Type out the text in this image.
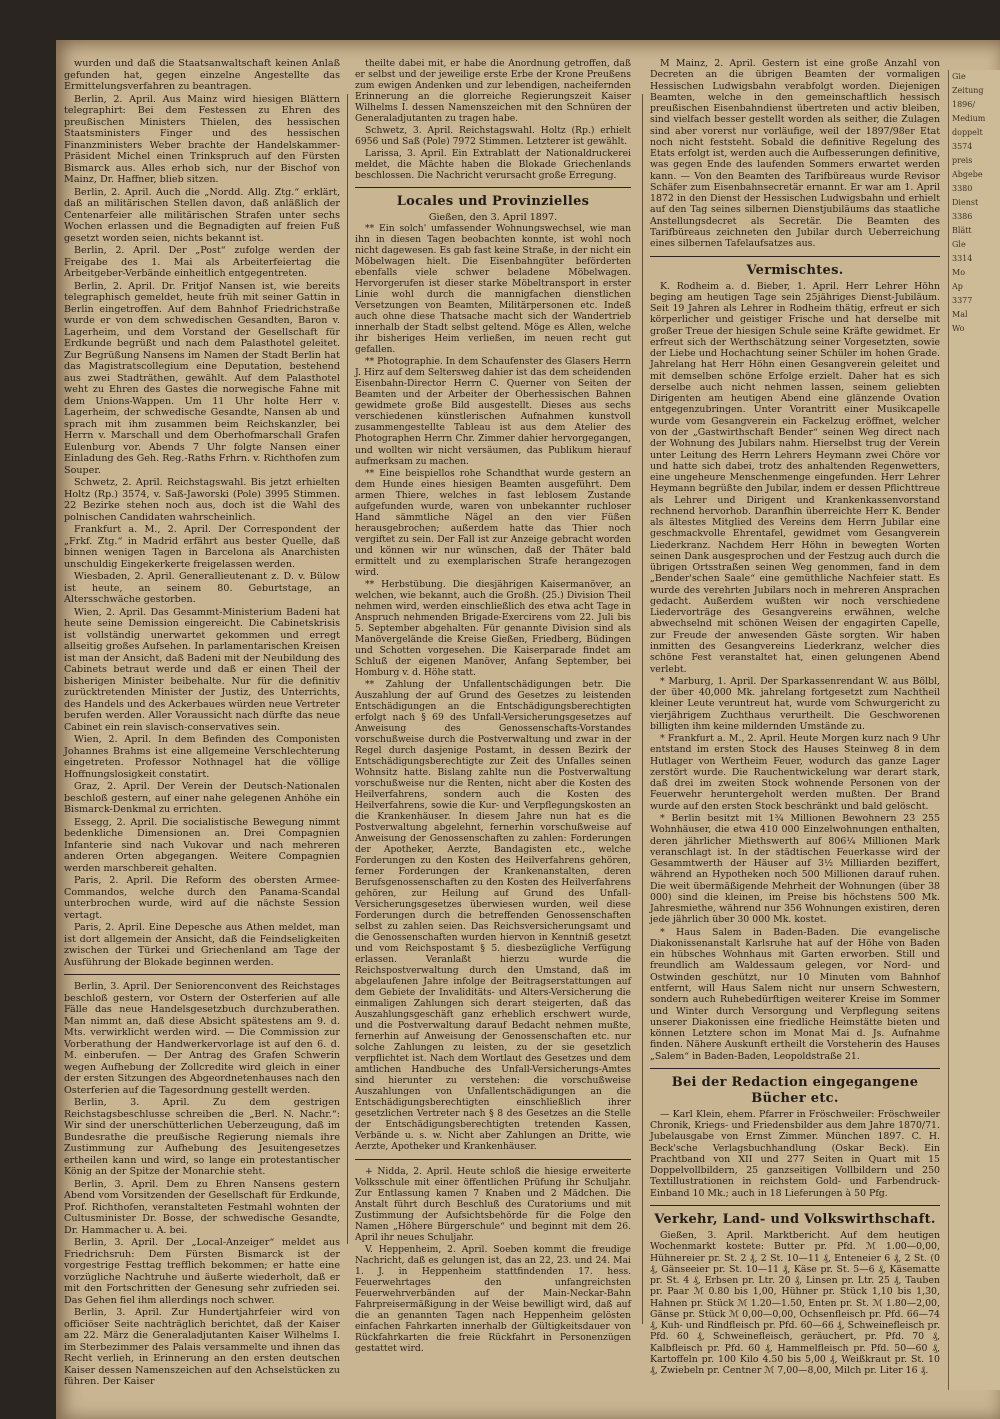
wurden und daß die Staatsanwaltschaft keinen Anlaß gefunden hat, gegen einzelne Angestellte das Ermittelungsverfahren zu beantragen.

Berlin, 2. April. Aus Mainz wird hiesigen Blättern telegraphirt: Bei dem Festessen zu Ehren des preußischen Ministers Thielen, des hessischen Staatsministers Finger und des hessischen Finanzministers Weber brachte der Handelskammer-Präsident Michel einen Trinkspruch auf den Fürsten Bismarck aus. Alles erhob sich, nur der Bischof von Mainz, Dr. Haffner, blieb sitzen.

Berlin, 2. April. Auch die „Nordd. Allg. Ztg.“ erklärt, daß an militärischen Stellen davon, daß anläßlich der Centenarfeier alle militärischen Strafen unter sechs Wochen erlassen und die Begnadigten auf freien Fuß gesetzt worden seien, nichts bekannt ist.

Berlin, 2. April. Der „Post“ zufolge werden der Freigabe des 1. Mai als Arbeiterfeiertag die Arbeitgeber-Verbände einheitlich entgegentreten.

Berlin, 2. April. Dr. Fritjof Nansen ist, wie bereits telegraphisch gemeldet, heute früh mit seiner Gattin in Berlin eingetroffen. Auf dem Bahnhof Friedrichstraße wurde er von dem schwedischen Gesandten, Baron v. Lagerheim, und dem Vorstand der Gesellschaft für Erdkunde begrüßt und nach dem Palasthotel geleitet. Zur Begrüßung Nansens im Namen der Stadt Berlin hat das Magistratscollegium eine Deputation, bestehend aus zwei Stadträthen, gewählt. Auf dem Palasthotel weht zu Ehren des Gastes die norwegische Fahne mit dem Unions-Wappen. Um 11 Uhr holte Herr v. Lagerheim, der schwedische Gesandte, Nansen ab und sprach mit ihm zusammen beim Reichskanzler, bei Herrn v. Marschall und dem Oberhofmarschall Grafen Eulenburg vor. Abends 7 Uhr folgte Nansen einer Einladung des Geh. Reg.-Raths Frhrn. v. Richthofen zum Souper.

Schwetz, 2. April. Reichstagswahl. Bis jetzt erhielten Holtz (Rp.) 3574, v. Saß-Jaworski (Pole) 3995 Stimmen. 22 Bezirke stehen noch aus, doch ist die Wahl des polnischen Candidaten wahrscheinlich.

Frankfurt a. M., 2. April. Der Correspondent der „Frkf. Ztg.“ in Madrid erfährt aus bester Quelle, daß binnen wenigen Tagen in Barcelona als Anarchisten unschuldig Eingekerkerte freigelassen werden.

Wiesbaden, 2. April. Generallieutenant z. D. v. Bülow ist heute, an seinem 80. Geburtstage, an Altersschwäche gestorben.

Wien, 2. April. Das Gesammt-Ministerium Badeni hat heute seine Demission eingereicht. Die Cabinetskrisis ist vollständig unerwartet gekommen und erregt allseitig großes Aufsehen. In parlamentarischen Kreisen ist man der Ansicht, daß Badeni mit der Neubildung des Cabinets betraut werde und daß er einen Theil der bisherigen Minister beibehalte. Nur für die definitiv zurücktretenden Minister der Justiz, des Unterrichts, des Handels und des Ackerbaues würden neue Vertreter berufen werden. Aller Voraussicht nach dürfte das neue Cabinet ein rein slavisch-conservatives sein.

Wien, 2. April. In dem Befinden des Componisten Johannes Brahms ist eine allgemeine Verschlechterung eingetreten. Professor Nothnagel hat die völlige Hoffnungslosigkeit constatirt.

Graz, 2. April. Der Verein der Deutsch-Nationalen beschloß gestern, auf einer nahe gelegenen Anhöhe ein Bismarck-Denkmal zu errichten.

Essegg, 2. April. Die socialistische Bewegung nimmt bedenkliche Dimensionen an. Drei Compagnien Infanterie sind nach Vukovar und nach mehreren anderen Orten abgegangen. Weitere Compagnien werden marschbereit gehalten.

Paris, 2. April. Die Reform des obersten Armee-Commandos, welche durch den Panama-Scandal unterbrochen wurde, wird auf die nächste Session vertagt.

Paris, 2. April. Eine Depesche aus Athen meldet, man ist dort allgemein der Ansicht, daß die Feindseligkeiten zwischen der Türkei und Griechenland am Tage der Ausführung der Blokade beginnen werden.

Berlin, 3. April. Der Seniorenconvent des Reichstages beschloß gestern, vor Ostern der Osterferien auf alle Fälle das neue Handelsgesetzbuch durchzuberathen. Man nimmt an, daß diese Absicht spätestens am 9. d. Mts. verwirklicht werden wird. — Die Commission zur Vorberathung der Handwerkervorlage ist auf den 6. d. M. einberufen. — Der Antrag des Grafen Schwerin wegen Aufhebung der Zollcredite wird gleich in einer der ersten Sitzungen des Abgeordnetenhauses nach den Osterferien auf die Tagesordnung gestellt werden.

Berlin, 3. April. Zu dem gestrigen Reichstagsbeschlusse schreiben die „Berl. N. Nachr.“: Wir sind der unerschütterlichen Ueberzeugung, daß im Bundesrathe die preußische Regierung niemals ihre Zustimmung zur Aufhebung des Jesuitengesetzes ertheilen kann und wird, so lange ein protestantischer König an der Spitze der Monarchie steht.

Berlin, 3. April. Dem zu Ehren Nansens gestern Abend vom Vorsitzenden der Gesellschaft für Erdkunde, Prof. Richthofen, veranstalteten Festmahl wohnten der Cultusminister Dr. Bosse, der schwedische Gesandte, Dr. Hammacher u. A. bei.

Berlin, 3. April. Der „Local-Anzeiger“ meldet aus Friedrichsruh: Dem Fürsten Bismarck ist der vorgestrige Festtag trefflich bekommen; er hatte eine vorzügliche Nachtruhe und äußerte wiederholt, daß er mit den Fortschritten der Genesung sehr zufrieden sei. Das Gehen fiel ihm allerdings noch schwer.

Berlin, 3. April. Zur Hundertjahrfeier wird von officiöser Seite nachträglich berichtet, daß der Kaiser am 22. März die Generaladjutanten Kaiser Wilhelms I. im Sterbezimmer des Palais versammelte und ihnen das Recht verlieh, in Erinnerung an den ersten deutschen Kaiser dessen Namenszeichen auf den Achselstücken zu führen. Der Kaiser

theilte dabei mit, er habe die Anordnung getroffen, daß er selbst und der jeweilige erste Erbe der Krone Preußens zum ewigen Andenken und zur lebendigen, nacheifernden Erinnerung an die glorreiche Regierungszeit Kaiser Wilhelms I. dessen Namenszeichen mit den Schnüren der Generaladjutanten zu tragen habe.

Schwetz, 3. April. Reichstagswahl. Holtz (Rp.) erhielt 6956 und Saß (Pole) 7972 Stimmen. Letzterer ist gewählt.

Larissa, 3. April. Ein Extrablatt der Nationaldruckerei meldet, die Mächte haben die Blokade Griechenlands beschlossen. Die Nachricht verursacht große Erregung.

Locales und Provinzielles
Gießen, den 3. April 1897.

** Ein solch' umfassender Wohnungswechsel, wie man ihn in diesen Tagen beobachten konnte, ist wohl noch nicht dagewesen. Es gab fast keine Straße, in der nicht ein Möbelwagen hielt. Die Eisenbahngüter beförderten ebenfalls viele schwer beladene Möbelwagen. Hervorgerufen ist dieser starke Möbeltransport in erster Linie wohl durch die mannigfachen dienstlichen Versetzungen von Beamten, Militärpersonen etc. Indeß auch ohne diese Thatsache macht sich der Wandertrieb innerhalb der Stadt selbst geltend. Möge es Allen, welche ihr bisheriges Heim verließen, im neuen recht gut gefallen.

** Photographie. In dem Schaufenster des Glasers Herrn J. Hirz auf dem Seltersweg dahier ist das dem scheidenden Eisenbahn-Director Herrn C. Querner von Seiten der Beamten und der Arbeiter der Oberhessischen Bahnen gewidmete große Bild ausgestellt. Dieses aus sechs verschiedenen künstlerischen Aufnahmen kunstvoll zusammengestellte Tableau ist aus dem Atelier des Photographen Herrn Chr. Zimmer dahier hervorgegangen, und wollten wir nicht versäumen, das Publikum hierauf aufmerksam zu machen.

** Eine beispiellos rohe Schandthat wurde gestern an dem Hunde eines hiesigen Beamten ausgeführt. Dem armen Thiere, welches in fast leblosem Zustande aufgefunden wurde, waren von unbekannter ruchloser Hand sämmtliche Nägel an den vier Füßen herausgebrochen; außerdem hatte das Thier noch vergiftet zu sein. Der Fall ist zur Anzeige gebracht worden und können wir nur wünschen, daß der Thäter bald ermittelt und zu exemplarischen Strafe herangezogen wird.

** Herbstübung. Die diesjährigen Kaisermanöver, an welchen, wie bekannt, auch die Großh. (25.) Division Theil nehmen wird, werden einschließlich des etwa acht Tage in Anspruch nehmenden Brigade-Exercirens vom 22. Juli bis 5. September abgehalten. Für genannte Division sind als Manövergelände die Kreise Gießen, Friedberg, Büdingen und Schotten vorgesehen. Die Kaiserparade findet am Schluß der eigenen Manöver, Anfang September, bei Homburg v. d. Höhe statt.

** Zahlung der Unfallentschädigungen betr. Die Auszahlung der auf Grund des Gesetzes zu leistenden Entschädigungen an die Entschädigungsberechtigten erfolgt nach § 69 des Unfall-Versicherungsgesetzes auf Anweisung des Genossenschafts-Vorstandes vorschußweise durch die Postverwaltung und zwar in der Regel durch dasjenige Postamt, in dessen Bezirk der Entschädigungsberechtigte zur Zeit des Unfalles seinen Wohnsitz hatte. Bislang zahlte nun die Postverwaltung vorschußweise nur die Renten, nicht aber die Kosten des Heilverfahrens, sondern auch die Kosten des Heilverfahrens, sowie die Kur- und Verpflegungskosten an die Krankenhäuser. In diesem Jahre nun hat es die Postverwaltung abgelehnt, fernerhin vorschußweise auf Anweisung der Genossenschaften zu zahlen: Forderungen der Apotheker, Aerzte, Bandagisten etc., welche Forderungen zu den Kosten des Heilverfahrens gehören, ferner Forderungen der Krankenanstalten, deren Berufsgenossenschaften zu den Kosten des Heilverfahrens gehören, zur Heilung auf Grund des Unfall-Versicherungsgesetzes überwiesen wurden, weil diese Forderungen durch die betreffenden Genossenschaften selbst zu zahlen seien. Das Reichsversicherungsamt und die Genossenschaften wurden hiervon in Kenntniß gesetzt und vom Reichspostamt § 5. diesbezügliche Verfügung erlassen. Veranlaßt hierzu wurde die Reichspostverwaltung durch den Umstand, daß im abgelaufenen Jahre infolge der Beitragserstattungen auf dem Gebiete der Invaliditäts- und Alters-Versicherung die einmaligen Zahlungen sich derart steigerten, daß das Auszahlungsgeschäft ganz erheblich erschwert wurde, und die Postverwaltung darauf Bedacht nehmen mußte, fernerhin auf Anweisung der Genossenschaften etc. nur solche Zahlungen zu leisten, zu der sie gesetzlich verpflichtet ist. Nach dem Wortlaut des Gesetzes und dem amtlichen Handbuche des Unfall-Versicherungs-Amtes sind hierunter zu verstehen: die vorschußweise Auszahlungen von Unfallentschädigungen an die Entschädigungsberechtigten einschließlich ihrer gesetzlichen Vertreter nach § 8 des Gesetzes an die Stelle der Entschädigungsberechtigten tretenden Kassen, Verbände u. s. w. Nicht aber Zahlungen an Dritte, wie Aerzte, Apotheker und Krankenhäuser.

+ Nidda, 2. April. Heute schloß die hiesige erweiterte Volksschule mit einer öffentlichen Prüfung ihr Schuljahr. Zur Entlassung kamen 7 Knaben und 2 Mädchen. Die Anstalt führt durch Beschluß des Curatoriums und mit Zustimmung der Aufsichtsbehörde für die Folge den Namen „Höhere Bürgerschule“ und beginnt mit dem 26. April ihr neues Schuljahr.

V. Heppenheim, 2. April. Soeben kommt die freudige Nachricht, daß es gelungen ist, das an 22, 23. und 24. Mai 1. J. in Heppenheim stattfindenden 17. hess. Feuerwehrtages den unfangreichsten Feuerwehrverbänden auf der Main-Neckar-Bahn Fahrpreisermäßigung in der Weise bewilligt wird, daß auf die an genannten Tagen nach Heppenheim gelösten einfachen Fahrkarten innerhalb der Gültigkeitsdauer von Rückfahrkarten die freie Rückfahrt in Personenzügen gestattet wird.

M Mainz, 2. April. Gestern ist eine große Anzahl von Decreten an die übrigen Beamten der vormaligen Hessischen Ludwigsbahn verabfolgt worden. Diejenigen Beamten, welche in den gemeinschaftlich hessisch preußischen Eisenbahndienst übertreten und activ bleiben, sind vielfach besser gestellt worden als seither, die Zulagen sind aber vorerst nur vorläufige, weil der 1897/98er Etat noch nicht feststeht. Sobald die definitive Regelung des Etats erfolgt ist, werden auch die Aufbesserungen definitive, was gegen Ende des laufenden Sommers erwartet werden kann. — Von den Beamten des Tarifbüreaus wurde Revisor Schäfer zum Eisenbahnsecretär ernannt. Er war am 1. April 1872 in den Dienst der Hessischen Ludwigsbahn und erhielt auf den Tag seines silbernen Dienstjubiläums das staatliche Anstellungsdecret als Secretär. Die Beamten des Tarifbüreaus zeichneten den Jubilar durch Ueberreichung eines silbernen Tafelaufsatzes aus.

Vermischtes.

K. Rodheim a. d. Bieber, 1. April. Herr Lehrer Höhn beging am heutigen Tage sein 25jähriges Dienst-Jubiläum. Seit 19 Jahren als Lehrer in Rodheim thätig, erfreut er sich körperlicher und geistiger Frische und hat derselbe mit großer Treue der hiesigen Schule seine Kräfte gewidmet. Er erfreut sich der Werthschätzung seiner Vorgesetzten, sowie der Liebe und Hochachtung seiner Schüler im hohen Grade. Jahrelang hat Herr Höhn einen Gesangverein geleitet und mit demselben schöne Erfolge erzielt. Daher hat es sich derselbe auch nicht nehmen lassen, seinem geliebten Dirigenten am heutigen Abend eine glänzende Ovation entgegenzubringen. Unter Vorantritt einer Musikcapelle wurde vom Gesangverein ein Fackelzug eröffnet, welcher von der „Gastwirthschaft Bender“ seinen Weg direct nach der Wohnung des Jubilars nahm. Hierselbst trug der Verein unter Leitung des Herrn Lehrers Heymann zwei Chöre vor und hatte sich dabei, trotz des anhaltenden Regenwetters, eine ungeheure Menschenmenge eingefunden. Herr Lehrer Heymann begrüßte den Jubilar, indem er dessen Pflichttreue als Lehrer und Dirigent und Krankenkassenvorstand rechnend hervorhob. Daranfhin überreichte Herr K. Bender als ältestes Mitglied des Vereins dem Herrn Jubilar eine geschmackvolle Ehrentafel, gewidmet vom Gesangverein Liederkranz. Nachdem Herr Höhn in bewegten Worten seinen Dank ausgesprochen und der Festzug auch durch die übrigen Ortsstraßen seinen Weg genommen, fand in dem „Bender'schen Saale“ eine gemüthliche Nachfeier statt. Es wurde des verehrten Jubilars noch in mehreren Ansprachen gedacht. Außerdem wußten wir noch verschiedene Liedervorträge des Gesangvereins erwähnen, welche abwechselnd mit schönen Weisen der engagirten Capelle, zur Freude der anwesenden Gäste sorgten. Wir haben inmitten des Gesangvereins Liederkranz, welcher dies schöne Fest veranstaltet hat, einen gelungenen Abend verlebt.

* Marburg, 1. April. Der Sparkassenrendant W. aus Bölbl, der über 40,000 Mk. jahrelang fortgesetzt zum Nachtheil kleiner Leute veruntreut hat, wurde vom Schwurgericht zu vierjährigem Zuchthaus verurtheilt. Die Geschworenen billigten ihm keine mildernden Umstände zu.

* Frankfurt a. M., 2. April. Heute Morgen kurz nach 9 Uhr entstand im ersten Stock des Hauses Steinweg 8 in dem Hutlager von Wertheim Feuer, wodurch das ganze Lager zerstört wurde. Die Rauchentwickelung war derart stark, daß drei im zweiten Stock wohnende Personen von der Feuerwehr heruntergeholt werden mußten. Der Brand wurde auf den ersten Stock beschränkt und bald gelöscht.

* Berlin besitzt mit 1¾ Millionen Bewohnern 23 255 Wohnhäuser, die etwa 410 000 Einzelwohnungen enthalten, deren jährlicher Miethswerth auf 806¼ Millionen Mark veranschlagt ist. In der städtischen Feuerkasse wird der Gesammtwerth der Häuser auf 3½ Milliarden beziffert, während an Hypotheken noch 500 Millionen darauf ruhen. Die weit übermäßigende Mehrheit der Wohnungen (über 38 000) sind die kleinen, im Preise bis höchstens 500 Mk. Jahresmiethe, während nur 356 Wohnungen existiren, deren jede jährlich über 30 000 Mk. kostet.

* Haus Salem in Baden-Baden. Die evangelische Diakonissenanstalt Karlsruhe hat auf der Höhe von Baden ein hübsches Wohnhaus mit Garten erworben. Still und freundlich am Waldessaum gelegen, vor Nord- und Ostwinden geschützt, nur 10 Minuten vom Bahnhof entfernt, will Haus Salem nicht nur unsern Schwestern, sondern auch Ruhebedürftigen weiterer Kreise im Sommer und Winter durch Versorgung und Verpflegung seitens unserer Diakonissen eine friedliche Heimstätte bieten und können Letztere schon im Monat Mai d. Js. Aufnahme finden. Nähere Auskunft ertheilt die Vorsteherin des Hauses „Salem“ in Baden-Baden, Leopoldstraße 21.

Bei der Redaction eingegangene Bücher etc.

— Karl Klein, ehem. Pfarrer in Fröschweiler: Fröschweiler Chronik, Kriegs- und Friedensbilder aus dem Jahre 1870/71. Jubelausgabe von Ernst Zimmer. München 1897. C. H. Beck'sche Verlagsbuchhandlung (Oskar Beck). Ein Prachtband von XII und 277 Seiten in Quart mit 15 Doppelvollbildern, 25 ganzseitigen Vollbildern und 250 Textillustrationen in reichstem Gold- und Farbendruck-Einband 10 Mk.; auch in 18 Lieferungen à 50 Pfg.

Verkehr, Land- und Volkswirthschaft.

Gießen, 3. April. Marktbericht. Auf dem heutigen Wochenmarkt kostete: Butter pr. Pfd. ℳ 1.00—0,00, Hühnereier pr. St. 2 ₰, 2 St. 10—11 ₰, Enteneier 6 ₰, 2 St. (0 ₰, Gänseeier pr. St. 10—11 ₰, Käse pr. St. 5—6 ₰, Käsematte pr. St. 4 ₰, Erbsen pr. Ltr. 20 ₰, Linsen pr. Ltr. 25 ₰, Tauben pr. Paar ℳ 0.80 bis 1,00, Hühner pr. Stück 1,10 bis 1,30, Hahnen pr. Stück ℳ 1.20—1.50, Enten pr. St. ℳ 1.80—2,00, Gänse pr. Stück ℳ 0,00—0,00, Ochsenfleisch pr. Pfd. 66—74 ₰, Kuh- und Rindfleisch pr. Pfd. 60—66 ₰, Schweinefleisch pr. Pfd. 60 ₰, Schweinefleisch, geräuchert, pr. Pfd. 70 ₰, Kalbfleisch pr. Pfd. 60 ₰, Hammelfleisch pr. Pfd. 50—60 ₰, Kartoffeln pr. 100 Kilo 4.50 bis 5,00 ₰, Weißkraut pr. St. 10 ₰, Zwiebeln pr. Centner ℳ 7,00—8,00, Milch pr. Liter 16 ₰.

Gie
Zeitung
1896/
Medium
doppelt
3574
preis
Abgebe
3380
Dienst
3386
Blätt
Gle
3314
Mo
Ap
3377
Mal
Wo
